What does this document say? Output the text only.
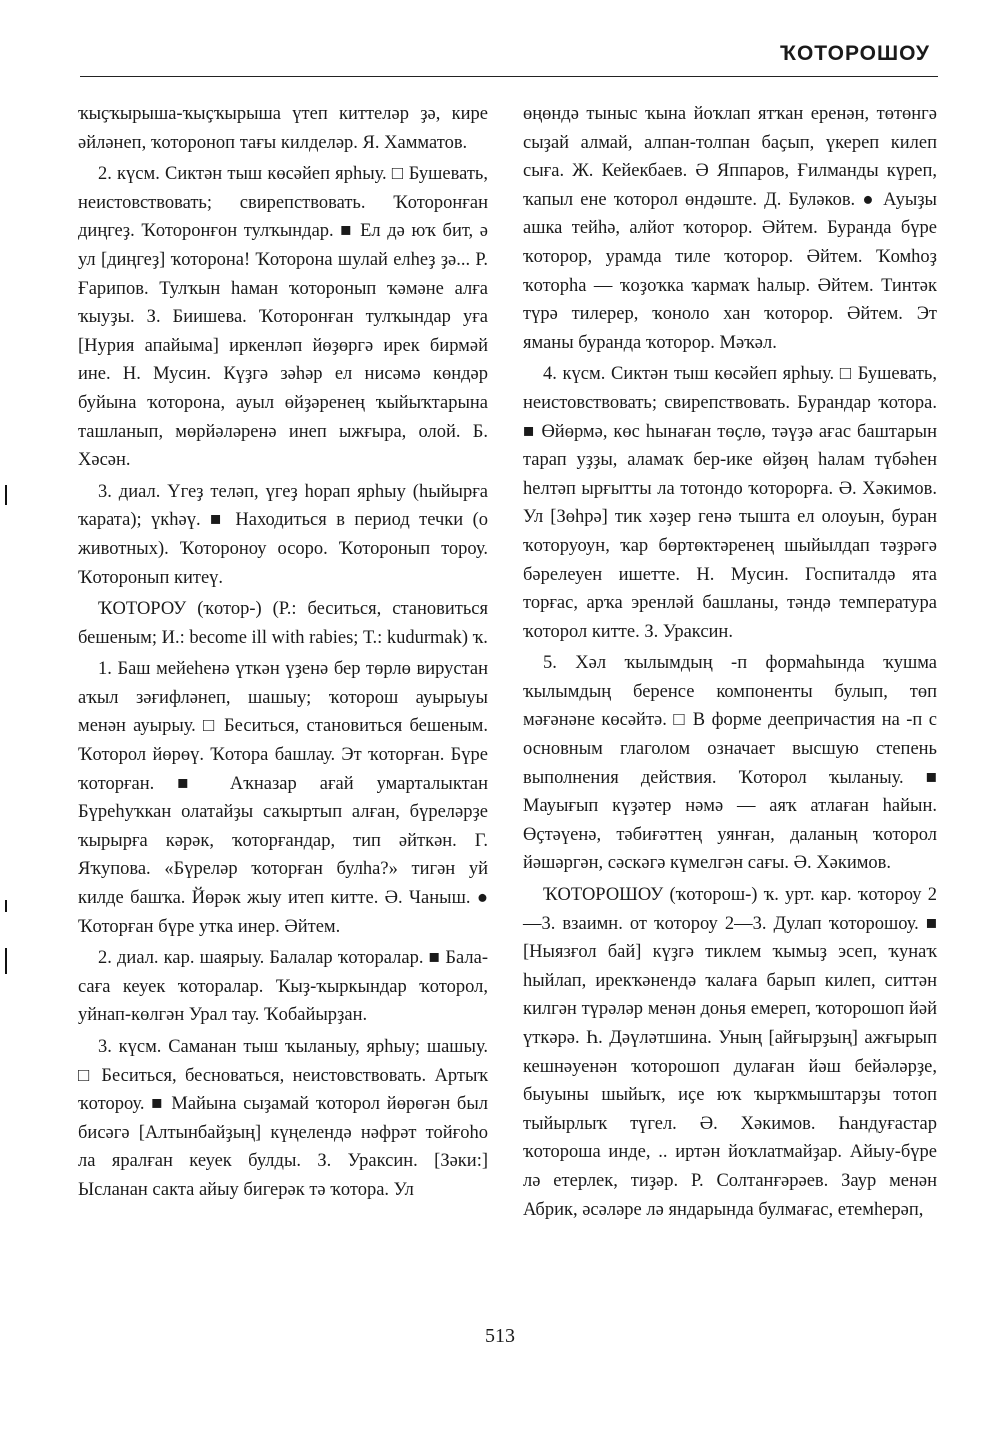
ҠОТОРОШОУ

ҡыҫҡырыша-ҡыҫҡырыша үтеп киттеләр ҙә, кире әйләнеп, ҡотороноп тағы килделәр. Я. Хамматов.

2. күсм. Сиктән тыш көсәйеп ярһыу. □ Бушевать, неистовствовать; свирепствовать. Ҡоторонған диңгеҙ. Ҡоторонғон тулҡындар. ■ Ел дә юҡ бит, ә ул [диңгеҙ] ҡоторона! Ҡоторона шулай елһеҙ ҙә... Р. Ғарипов. Тулҡын һаман ҡоторонып ҡәмәне алға ҡыуҙы. З. Биишева. Ҡоторонған тулҡындар уға [Нурия апайыма] иркенләп йөҙөргә ирек бирмәй ине. Н. Мусин. Күҙгә зәһәр ел нисәмә көндәр буйына ҡоторона, ауыл өйҙәренең ҡыйыҡтарына ташланып, мөрйәләренә инеп ыжғыра, олой. Б. Хәсән.

3. диал. Үгеҙ теләп, үгеҙ һорап ярһыу (һыйырға ҡарата); үкһәү. ■ Находиться в период течки (о животных). Ҡотороноу осоро. Ҡоторонып тороу. Ҡоторонып китеү.

ҠОТОРОУ (ҡотор-) (Р.: беситься, становиться бешеным; И.: become ill with rabies; Т.: kudurmak) ҡ.

1. Баш мейеһенә үткән үҙенә бер төрлө вирустан аҡыл зәғифләнеп, шашыу; ҡоторош ауырыуы менән ауырыу. □ Беситься, становиться бешеным. Ҡоторол йөрөү. Ҡотора башлау. Эт ҡоторған. Бүре ҡоторған. ■ Аҡназар ағай умарталыктан Бүреһуҡкан олатайҙы саҡыртып алған, бүреләрҙе ҡырырға кәрәк, ҡоторғандар, тип әйткән. Г. Яҡупова. «Бүреләр ҡоторған булһа?» тигән уй килде башҡа. Йөрәк жыу итеп китте. Ә. Чаныш. ● Ҡоторған бүре утка инер. Әйтем.

2. диал. кар. шаярыу. Балалар ҡоторалар. ■ Бала-саға кеуек ҡоторалар. Ҡыҙ-ҡыркындар ҡоторол, уйнап-көлгән Урал тау. Ҡобайырҙан.

3. күсм. Саманан тыш ҡыланыу, ярһыу; шашыу. □ Беситься, бесноваться, неистовствовать. Артыҡ ҡотороу. ■ Майына сыҙамай ҡоторол йөрөгән был бисәгә [Алтынбайҙың] күңелендә нәфрәт тойғоһо ла яралған кеуек булды. З. Ураксин. [Зәки:] Ысланан сакта айыу бигерәк тә ҡотора. Ул

өңөндә тыныс ҡына йоҡлап ятҡан еренән, төтөнгә сыҙай алмай, алпан-толпан баҫып, үкереп килеп сыға. Ж. Кейекбаев. Ә Яппаров, Ғилманды күреп, ҡапыл ене ҡоторол өндәште. Д. Буләков. ● Ауыҙы ашка тейһә, алйот ҡоторор. Әйтем. Буранда бүре ҡоторор, урамда тиле ҡоторор. Әйтем. Ҡомһоҙ ҡоторһа — ҡоҙоҡка ҡармаҡ һалыр. Әйтем. Тинтәк түрә тилерер, ҡоноло хан ҡоторор. Әйтем. Эт яманы буранда ҡоторор. Мәҡәл.

4. күсм. Сиктән тыш көсәйеп ярһыу. □ Бушевать, неистовствовать; свирепствовать. Бурандар ҡотора. ■ Өйөрмә, көс һынаған төҫлө, тәүҙә ағас баштарын тарап уҙҙы, аламаҡ бер-ике өйҙөң һалам түбәһен һелтәп ырғытты ла тотондо ҡоторорға. Ә. Хәкимов. Ул [Зөһрә] тик хәҙер генә тышта ел олоуын, буран ҡоторуоун, ҡар бөртөктәренең шыйылдап тәҙрәгә бәрелеуен ишетте. Н. Мусин. Госпиталдә ята торғас, арҡа эренләй башланы, тәндә температура ҡоторол китте. З. Ураксин.

5. Хәл ҡылымдың -п формаһында ҡушма ҡылымдың беренсе компоненты булып, төп мәғәнәне көсәйтә. □ В форме деепричастия на -п с основным глаголом означает высшую степень выполнения действия. Ҡоторол ҡыланыу. ■ Мауығып күҙәтер нәмә — аяҡ атлаған һайын. Өҫтәүенә, тәбиғәттең уянған, даланың ҡоторол йәшәргән, сәскәгә күмелгән сағы. Ә. Хәкимов.

ҠОТОРОШОУ (ҡоторош-) ҡ. урт. кар. ҡотороу 2—3. взаимн. от ҡотороу 2—3. Дулап ҡоторошоу. ■ [Ныязғол бай] күҙгә тиклем ҡымыҙ эсеп, ҡунаҡ һыйлап, ирекҡәнендә ҡалаға барып килеп, ситтән килгән түрәләр менән донья емереп, ҡоторошоп йәй үткәрә. Һ. Дәүләтшина. Уның [айғырҙың] ажғырып кешнәуенән ҡоторошоп дулаған йәш бейәләрҙе, быуыны шыйыҡ, иҫе юҡ ҡырҡмыштарҙы тотоп тыйырлыҡ түгел. Ә. Хәкимов. Һандуғастар ҡотороша инде, .. иртән йоҡлатмайҙар. Айыу-бүре лә етерлек, тиҙәр. Р. Солтанғәрәев. Заур менән Абрик, әсәләре лә яндарында булмағас, етемһерәп,

513
